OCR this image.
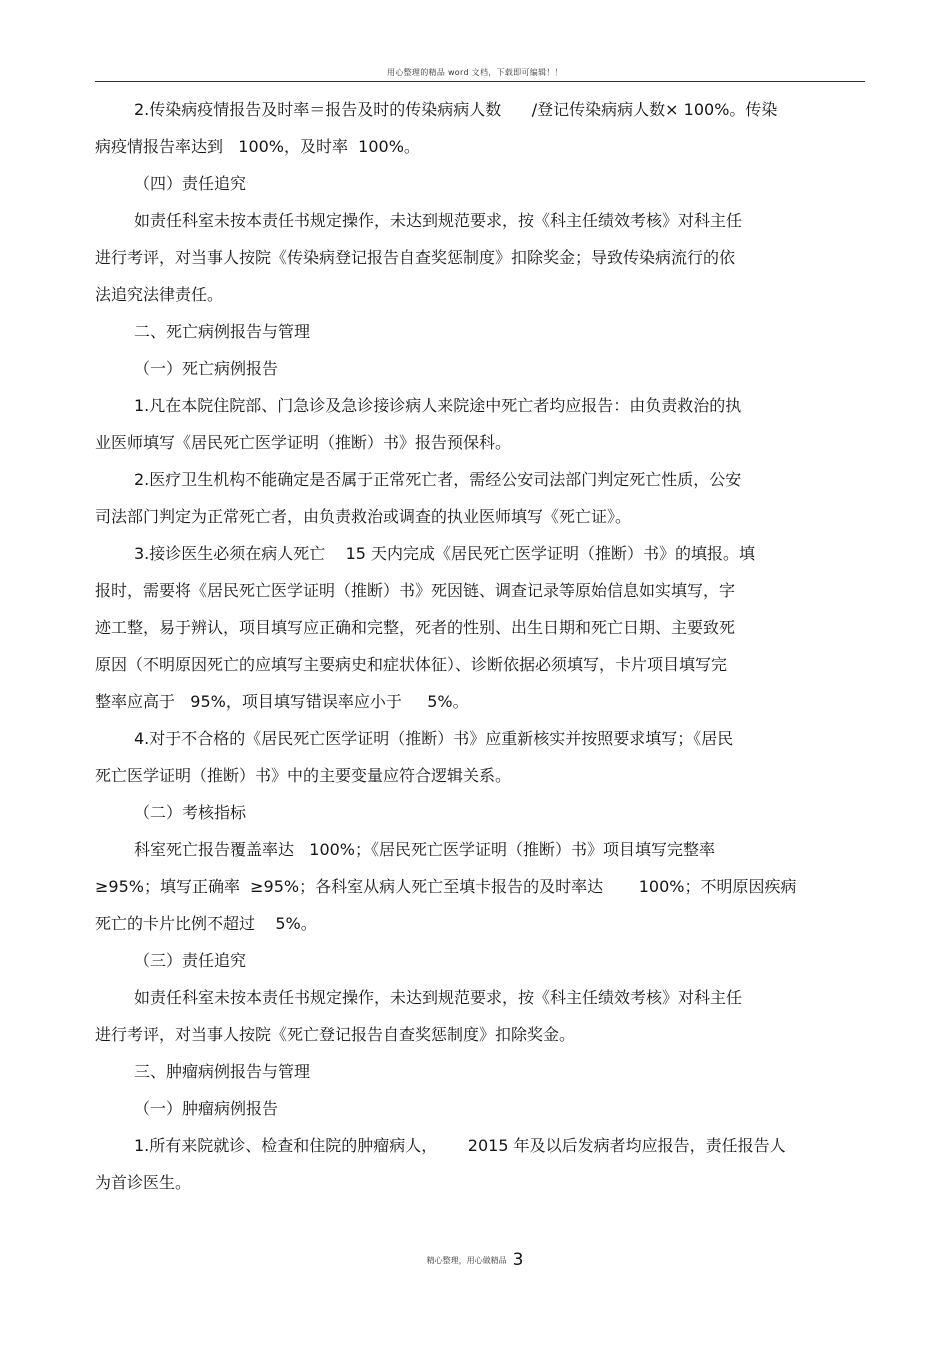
用心整理的精品 word 文档，下载即可编辑！！
2.传染病疫情报告及时率＝报告及时的传染病病人数      /登记传染病病人数× 100%。传染
病疫情报告率达到   100%，及时率  100%。
（四）责任追究
如责任科室未按本责任书规定操作，未达到规范要求，按《科主任绩效考核》对科主任
进行考评，对当事人按院《传染病登记报告自查奖惩制度》扣除奖金；导致传染病流行的依
法追究法律责任。
二、死亡病例报告与管理
（一）死亡病例报告
1.凡在本院住院部、门急诊及急诊接诊病人来院途中死亡者均应报告：由负责救治的执
业医师填写《居民死亡医学证明（推断）书》报告预保科。
2.医疗卫生机构不能确定是否属于正常死亡者，需经公安司法部门判定死亡性质，公安
司法部门判定为正常死亡者，由负责救治或调查的执业医师填写《死亡证》。
3.接诊医生必须在病人死亡    15 天内完成《居民死亡医学证明（推断）书》的填报。填
报时，需要将《居民死亡医学证明（推断）书》死因链、调查记录等原始信息如实填写，字
迹工整，易于辨认，项目填写应正确和完整，死者的性别、出生日期和死亡日期、主要致死
原因（不明原因死亡的应填写主要病史和症状体征）、诊断依据必须填写，卡片项目填写完
整率应高于   95%，项目填写错误率应小于     5%。
4.对于不合格的《居民死亡医学证明（推断）书》应重新核实并按照要求填写；《居民
死亡医学证明（推断）书》中的主要变量应符合逻辑关系。
（二）考核指标
科室死亡报告覆盖率达   100%；《居民死亡医学证明（推断）书》项目填写完整率
≥95%；填写正确率  ≥95%；各科室从病人死亡至填卡报告的及时率达       100%；不明原因疾病
死亡的卡片比例不超过    5%。
（三）责任追究
如责任科室未按本责任书规定操作，未达到规范要求，按《科主任绩效考核》对科主任
进行考评，对当事人按院《死亡登记报告自查奖惩制度》扣除奖金。
三、肿瘤病例报告与管理
（一）肿瘤病例报告
1.所有来院就诊、检查和住院的肿瘤病人，      2015 年及以后发病者均应报告，责任报告人
为首诊医生。
精心整理，用心做精品 3
